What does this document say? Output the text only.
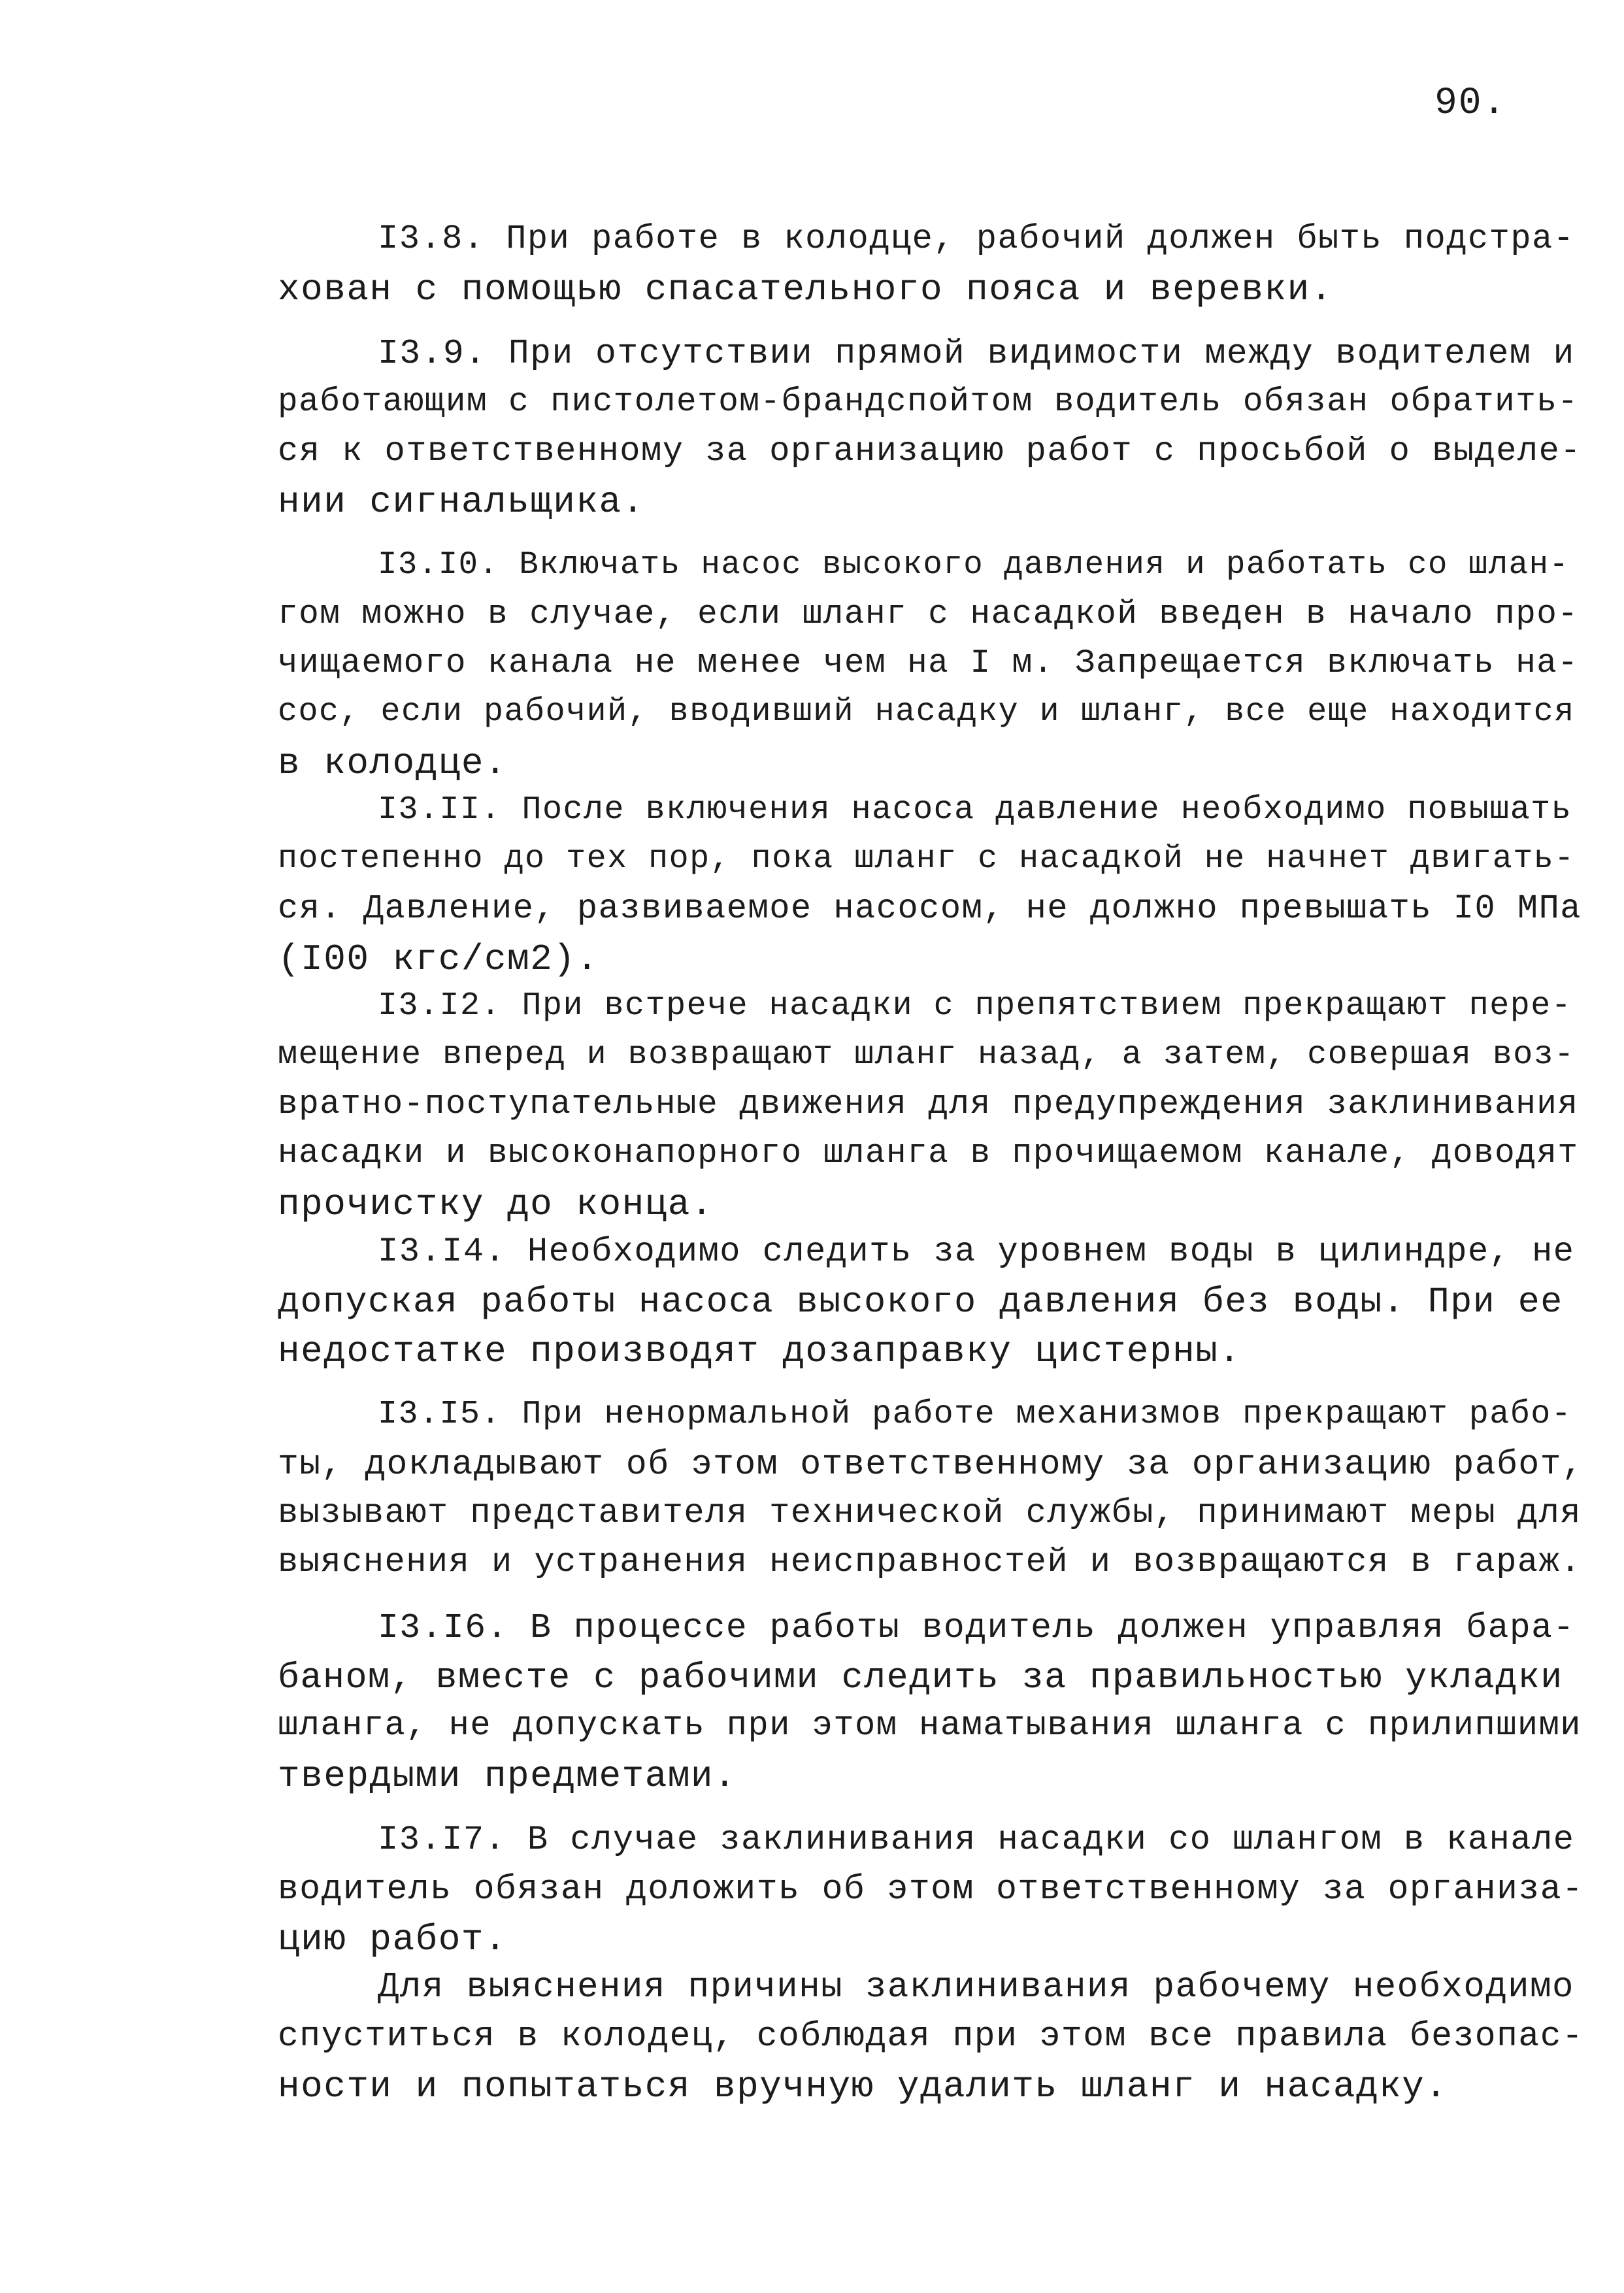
90.
I3.8. При работе в колодце, рабочий должен быть подстра-
хован с помощью спасательного пояса и веревки.
I3.9. При отсутствии прямой видимости между водителем и
работающим с пистолетом-брандспойтом водитель обязан обратить-
ся к ответственному за организацию работ с просьбой о выделе-
нии сигнальщика.
I3.I0. Включать насос высокого давления и работать со шлан-
гом можно в случае, если шланг с насадкой введен в начало про-
чищаемого канала не менее чем на I м. Запрещается включать на-
сос, если рабочий, вводивший насадку и шланг, все еще находится
в колодце.
I3.II. После включения насоса давление необходимо повышать
постепенно до тех пор, пока шланг с насадкой не начнет двигать-
ся. Давление, развиваемое насосом, не должно превышать I0 МПа
(I00 кгс/см2).
I3.I2. При встрече насадки с препятствием прекращают пере-
мещение вперед и возвращают шланг назад, а затем, совершая воз-
вратно-поступательные движения для предупреждения заклинивания
насадки и высоконапорного шланга в прочищаемом канале, доводят
прочистку до конца.
I3.I4. Необходимо следить за уровнем воды в цилиндре, не
допуская работы насоса высокого давления без воды. При ее
недостатке производят дозаправку цистерны.
I3.I5. При ненормальной работе механизмов прекращают рабо-
ты, докладывают об этом ответственному за организацию работ,
вызывают представителя технической службы, принимают меры для
выяснения и устранения неисправностей и возвращаются в гараж.
I3.I6. В процессе работы водитель должен управляя бара-
баном, вместе с рабочими следить за правильностью укладки
шланга, не допускать при этом наматывания шланга с прилипшими
твердыми предметами.
I3.I7. В случае заклинивания насадки со шлангом в канале
водитель обязан доложить об этом ответственному за организа-
цию работ.
Для выяснения причины заклинивания рабочему необходимо
спуститься в колодец, соблюдая при этом все правила безопас-
ности и попытаться вручную удалить шланг и насадку.
